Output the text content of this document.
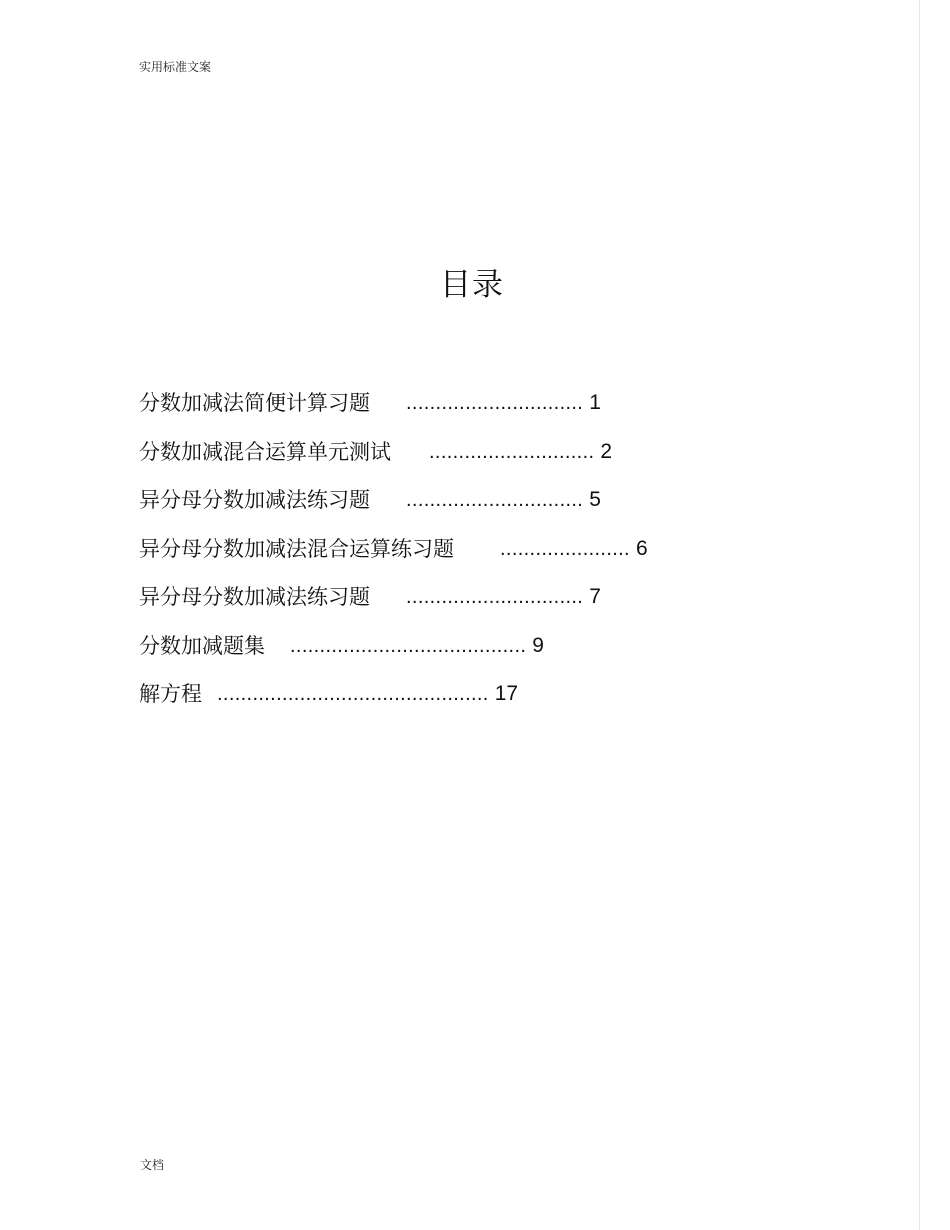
实用标准文案
目录
分数加减法简便计算习题 .............................. 1
分数加减混合运算单元测试 ............................ 2
异分母分数加减法练习题 .............................. 5
异分母分数加减法混合运算练习题 ...................... 6
异分母分数加减法练习题 .............................. 7
分数加减题集 ........................................ 9
解方程 .............................................. 17
文档
